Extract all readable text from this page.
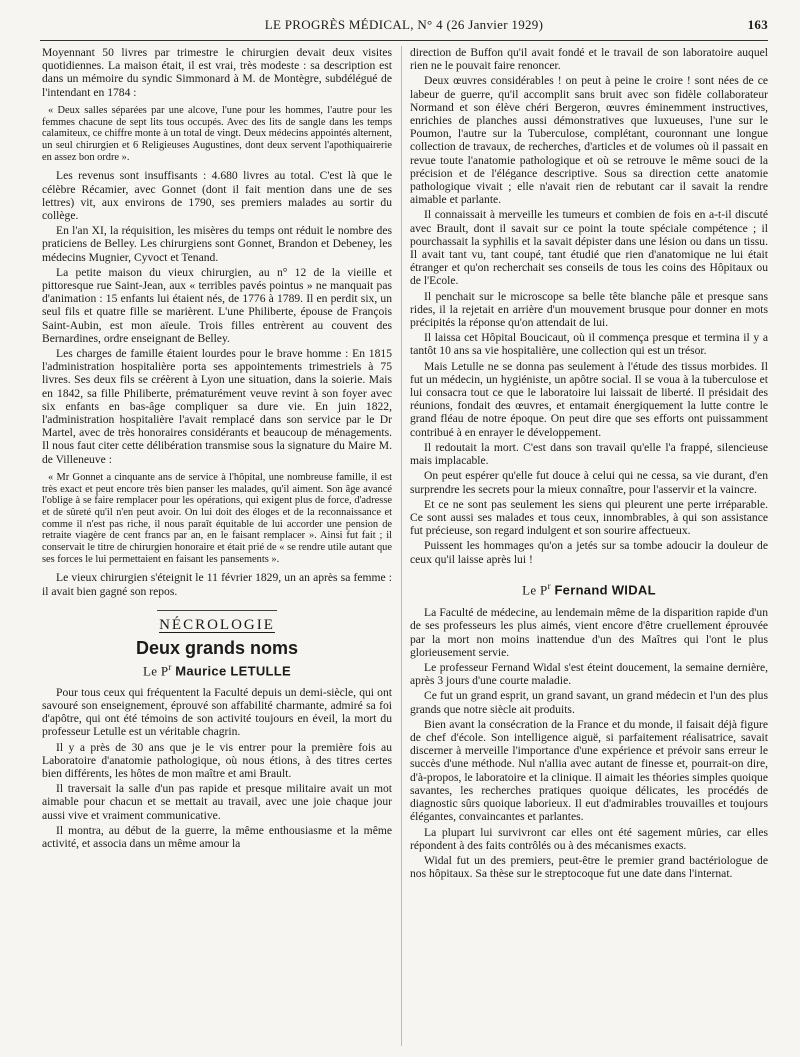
LE PROGRÈS MÉDICAL, N° 4 (26 Janvier 1929)	163

Moyennant 50 livres par trimestre le chirurgien devait deux visites quotidiennes. La maison était, il est vrai, très modeste : sa description est dans un mémoire du syndic Simmonard à M. de Montègre, subdélégué de l'intendant en 1784 :

« Deux salles séparées par une alcove, l'une pour les hommes, l'autre pour les femmes chacune de sept lits tous occupés. Avec des lits de sangle dans les temps calamiteux, ce chiffre monte à un total de vingt. Deux médecins appointés alternent, un seul chirurgien et 6 Religieuses Augustines, dont deux servent l'apothiquairerie en assez bon ordre ».

Les revenus sont insuffisants : 4.680 livres au total. C'est là que le célèbre Récamier, avec Gonnet (dont il fait mention dans une de ses lettres) vit, aux environs de 1790, ses premiers malades au sortir du collège.

En l'an XI, la réquisition, les misères du temps ont réduit le nombre des praticiens de Belley. Les chirurgiens sont Gonnet, Brandon et Debeney, les médecins Mugnier, Cyvoct et Tenand.

La petite maison du vieux chirurgien, au n° 12 de la vieille et pittoresque rue Saint-Jean, aux « terribles pavés pointus » ne manquait pas d'animation : 15 enfants lui étaient nés, de 1776 à 1789. Il en perdit six, un seul fils et quatre fille se marièrent. L'une Philiberte, épouse de François Saint-Aubin, est mon aïeule. Trois filles entrèrent au couvent des Bernardines, ordre enseignant de Belley.

Les charges de famille étaient lourdes pour le brave homme : En 1815 l'administration hospitalière porta ses appointements trimestriels à 75 livres. Ses deux fils se créèrent à Lyon une situation, dans la soierie. Mais en 1842, sa fille Philiberte, prématurément veuve revint à son foyer avec six enfants en bas-âge compliquer sa dure vie. En juin 1822, l'administration hospitalière l'avait remplacé dans son service par le Dr Martel, avec de très honoraires considérants et beaucoup de ménagements. Il nous faut citer cette délibération transmise sous la signature du Maire M. de Villeneuve :

« Mr Gonnet a cinquante ans de service à l'hôpital, une nombreuse famille, il est très exact et peut encore très bien panser les malades, qu'il aiment. Son âge avancé l'oblige à se faire remplacer pour les opérations, qui exigent plus de force, d'adresse et de sûreté qu'il n'en peut avoir. On lui doit des éloges et de la reconnaissance et comme il n'est pas riche, il nous paraît équitable de lui accorder une pension de retraite viagère de cent francs par an, en le faisant remplacer ». Ainsi fut fait ; il conservait le titre de chirurgien honoraire et était prié de « se rendre utile autant que ses forces le lui permettaient en faisant les pansements ».

Le vieux chirurgien s'éteignit le 11 février 1829, un an après sa femme : il avait bien gagné son repos.

NÉCROLOGIE
Deux grands noms
Le $P^r$ Maurice LETULLE

Pour tous ceux qui fréquentent la Faculté depuis un demi-siècle, qui ont savouré son enseignement, éprouvé son affabilité charmante, admiré sa foi d'apôtre, qui ont été témoins de son activité toujours en éveil, la mort du professeur Letulle est un véritable chagrin.

Il y a près de 30 ans que je le vis entrer pour la première fois au Laboratoire d'anatomie pathologique, où nous étions, à des titres certes bien différents, les hôtes de mon maître et ami Brault.

Il traversait la salle d'un pas rapide et presque militaire avait un mot aimable pour chacun et se mettait au travail, avec une joie chaque jour aussi vive et vraiment communicative.

Il montra, au début de la guerre, la même enthousiasme et la même activité, et associa dans un même amour la

direction de Buffon qu'il avait fondé et le travail de son laboratoire auquel rien ne le pouvait faire renoncer.

Deux œuvres considérables ! on peut à peine le croire ! sont nées de ce labeur de guerre, qu'il accomplit sans bruit avec son fidèle collaborateur Normand et son élève chéri Bergeron, œuvres éminemment instructives, enrichies de planches aussi démonstratives que luxueuses, l'une sur le Poumon, l'autre sur la Tuberculose, complétant, couronnant une longue collection de travaux, de recherches, d'articles et de volumes où il passait en revue toute l'anatomie pathologique et où se retrouve le même souci de la précision et de l'élégance descriptive. Sous sa direction cette anatomie pathologique vivait ; elle n'avait rien de rebutant car il savait la rendre aimable et parlante.

Il connaissait à merveille les tumeurs et combien de fois en a-t-il discuté avec Brault, dont il savait sur ce point la toute spéciale compétence ; il pourchassait la syphilis et la savait dépister dans une lésion ou dans un tissu. Il avait tant vu, tant coupé, tant étudié que rien d'anatomique ne lui était étranger et qu'on recherchait ses conseils de tous les coins des Hôpitaux ou de l'Ecole.

Il penchait sur le microscope sa belle tête blanche pâle et presque sans rides, il la rejetait en arrière d'un mouvement brusque pour donner en mots précipités la réponse qu'on attendait de lui.

Il laissa cet Hôpital Boucicaut, où il commença presque et termina il y a tantôt 10 ans sa vie hospitalière, une collection qui est un trésor.

Mais Letulle ne se donna pas seulement à l'étude des tissus morbides. Il fut un médecin, un hygiéniste, un apôtre social. Il se voua à la tuberculose et lui consacra tout ce que le laboratoire lui laissait de liberté. Il présidait des réunions, fondait des œuvres, et entamait énergiquement la lutte contre le grand fléau de notre époque. On peut dire que ses efforts ont puissamment contribué à en enrayer le développement.

Il redoutait la mort. C'est dans son travail qu'elle l'a frappé, silencieuse mais implacable.

On peut espérer qu'elle fut douce à celui qui ne cessa, sa vie durant, d'en surprendre les secrets pour la mieux connaître, pour l'asservir et la vaincre.

Et ce ne sont pas seulement les siens qui pleurent une perte irréparable. Ce sont aussi ses malades et tous ceux, innombrables, à qui son assistance fut précieuse, son regard indulgent et son sourire affectueux.

Puissent les hommages qu'on a jetés sur sa tombe adoucir la douleur de ceux qu'il laisse après lui !

Le $P^r$ Fernand WIDAL

La Faculté de médecine, au lendemain même de la disparition rapide d'un de ses professeurs les plus aimés, vient encore d'être cruellement éprouvée par la mort non moins inattendue d'un des Maîtres qui l'ont le plus glorieusement servie.

Le professeur Fernand Widal s'est éteint doucement, la semaine dernière, après 3 jours d'une courte maladie.

Ce fut un grand esprit, un grand savant, un grand médecin et l'un des plus grands que notre siècle ait produits.

Bien avant la consécration de la France et du monde, il faisait déjà figure de chef d'école. Son intelligence aiguë, si parfaitement réalisatrice, savait discerner à merveille l'importance d'une expérience et prévoir sans erreur le succès d'une méthode. Nul n'allia avec autant de finesse et, pourrait-on dire, d'à-propos, le laboratoire et la clinique. Il aimait les théories simples quoique savantes, les recherches pratiques quoique délicates, les procédés de diagnostic sûrs quoique laborieux. Il eut d'admirables trouvailles et toujours élégantes, convaincantes et parlantes.

La plupart lui survivront car elles ont été sagement mûries, car elles répondent à des faits contrôlés ou à des mécanismes exacts.

Widal fut un des premiers, peut-être le premier grand bactériologue de nos hôpitaux. Sa thèse sur le streptocoque fut une date dans l'internat.
